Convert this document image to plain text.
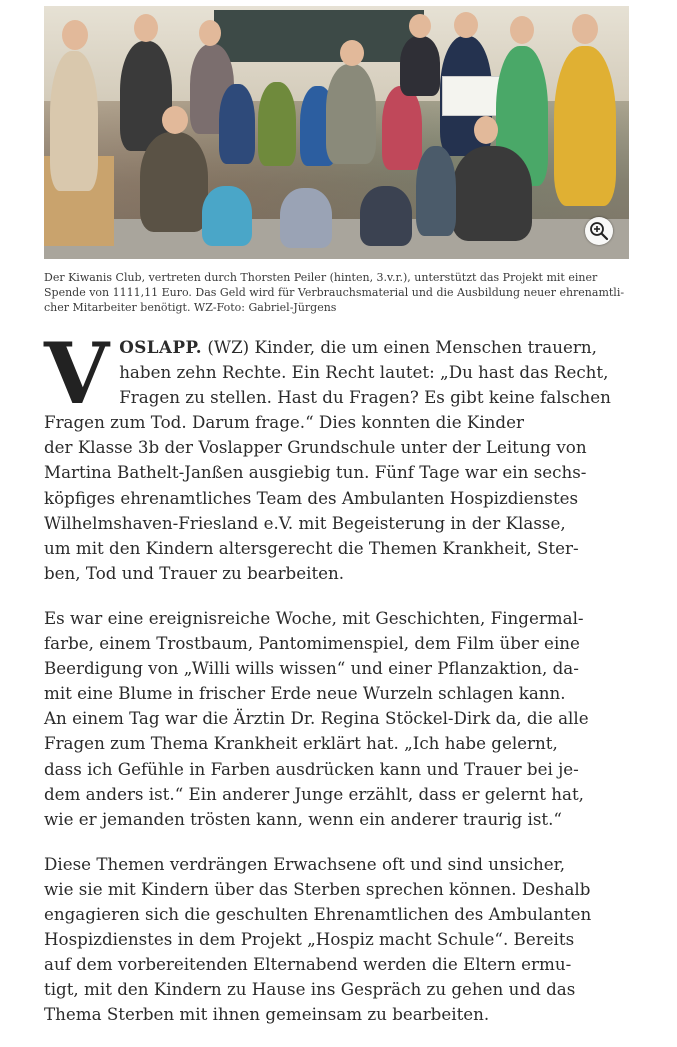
Der Kiwanis Club, vertreten durch Thorsten Peiler (hinten, 3.v.r.), unterstützt das Projekt mit einer
Spende von 1111,11 Euro. Das Geld wird für Verbrauchsmaterial und die Ausbildung neuer ehrenamtli-
cher Mitarbeiter benötigt. WZ-Foto: Gabriel-Jürgens

VOSLAPP. (WZ) Kinder, die um einen Menschen trauern,
haben zehn Rechte. Ein Recht lautet: „Du hast das Recht,
Fragen zu stellen. Hast du Fragen? Es gibt keine falschen
Fragen zum Tod. Darum frage.“ Dies konnten die Kinder
der Klasse 3b der Voslapper Grundschule unter der Leitung von
Martina Bathelt-Janßen ausgiebig tun. Fünf Tage war ein sechs-
köpfiges ehrenamtliches Team des Ambulanten Hospizdienstes
Wilhelmshaven-Friesland e.V. mit Begeisterung in der Klasse,
um mit den Kindern altersgerecht die Themen Krankheit, Ster-
ben, Tod und Trauer zu bearbeiten.

Es war eine ereignisreiche Woche, mit Geschichten, Fingermal-
farbe, einem Trostbaum, Pantomimenspiel, dem Film über eine
Beerdigung von „Willi wills wissen“ und einer Pflanzaktion, da-
mit eine Blume in frischer Erde neue Wurzeln schlagen kann.
An einem Tag war die Ärztin Dr. Regina Stöckel-Dirk da, die alle
Fragen zum Thema Krankheit erklärt hat. „Ich habe gelernt,
dass ich Gefühle in Farben ausdrücken kann und Trauer bei je-
dem anders ist.“ Ein anderer Junge erzählt, dass er gelernt hat,
wie er jemanden trösten kann, wenn ein anderer traurig ist.“

Diese Themen verdrängen Erwachsene oft und sind unsicher,
wie sie mit Kindern über das Sterben sprechen können. Deshalb
engagieren sich die geschulten Ehrenamtlichen des Ambulanten
Hospizdienstes in dem Projekt „Hospiz macht Schule“. Bereits
auf dem vorbereitenden Elternabend werden die Eltern ermu-
tigt, mit den Kindern zu Hause ins Gespräch zu gehen und das
Thema Sterben mit ihnen gemeinsam zu bearbeiten.
